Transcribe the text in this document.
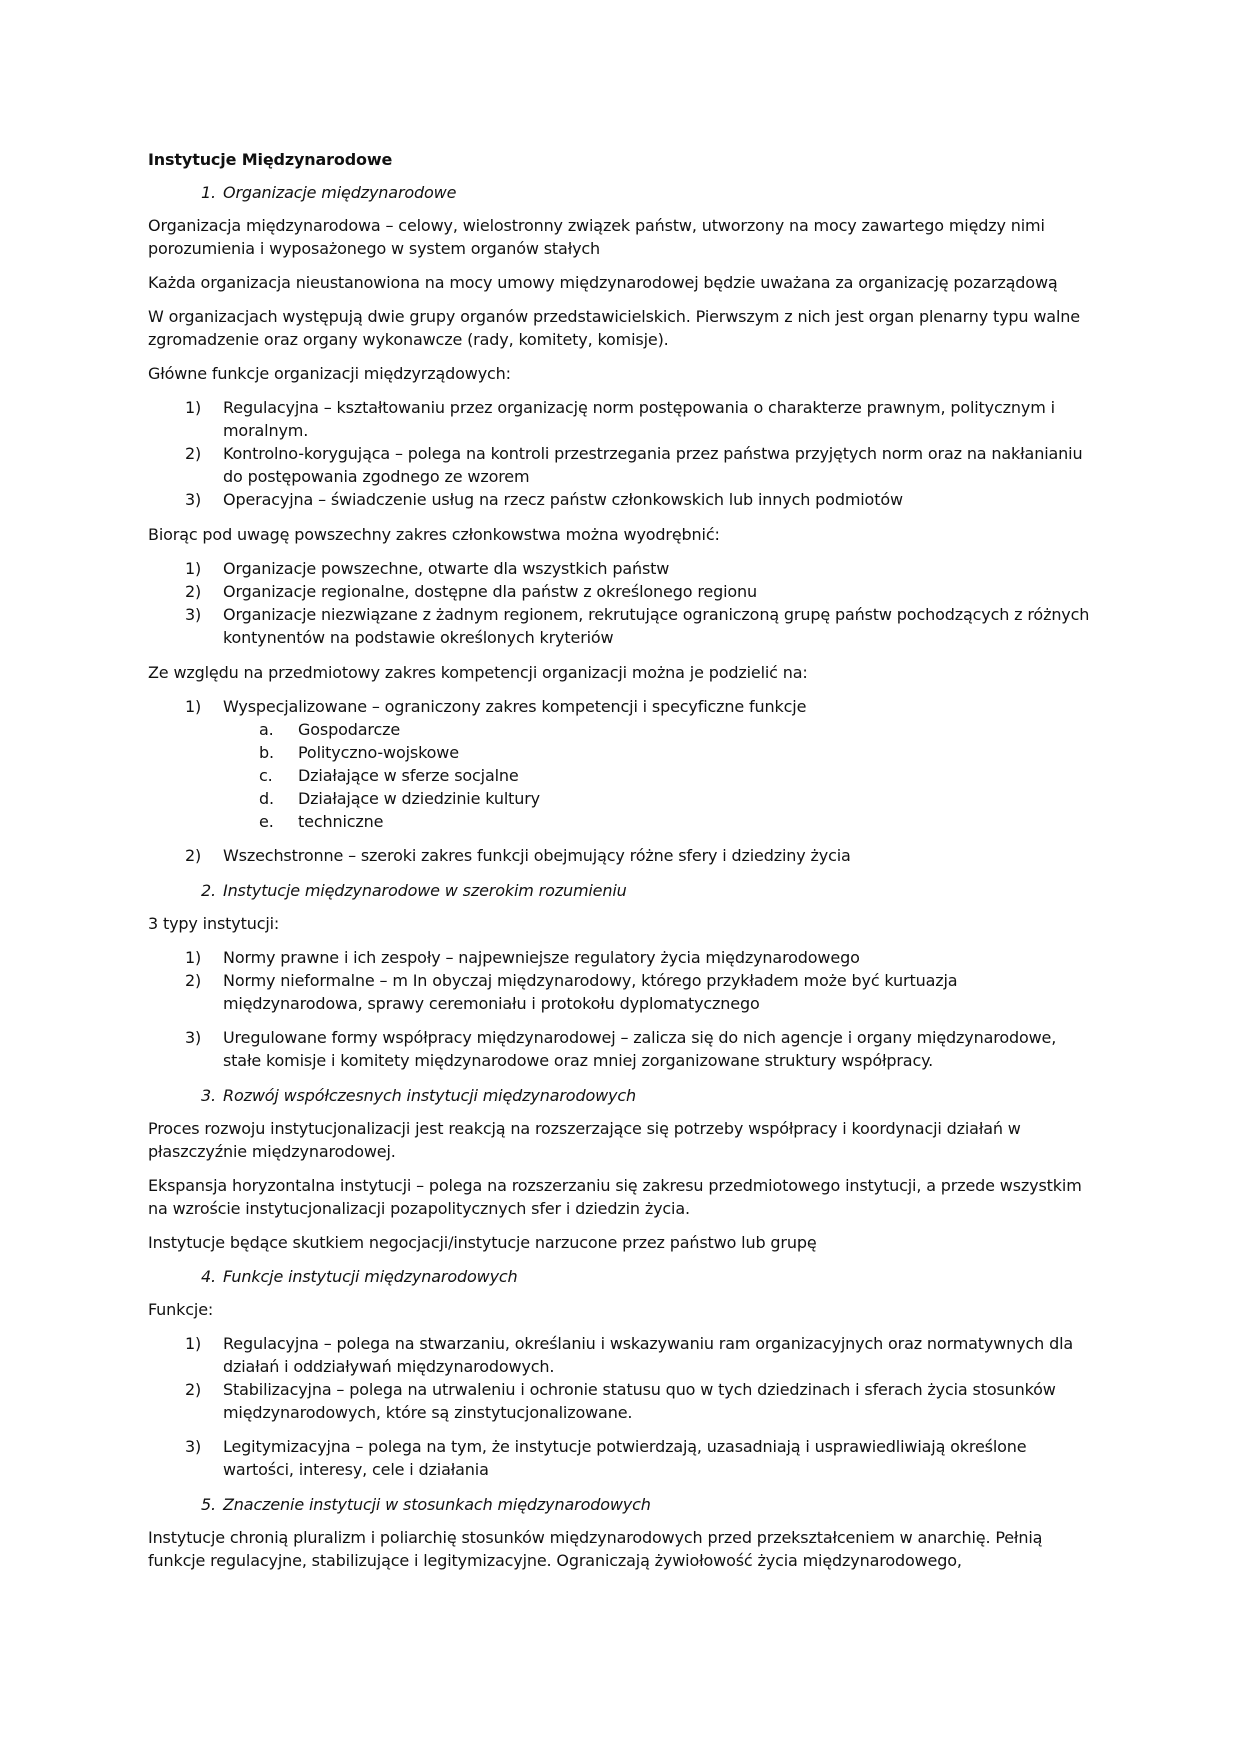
Instytucje Międzynarodowe
1. Organizacje międzynarodowe

Organizacja międzynarodowa – celowy, wielostronny związek państw, utworzony na mocy zawartego między nimi porozumienia i wyposażonego w system organów stałych

Każda organizacja nieustanowiona na mocy umowy międzynarodowej będzie uważana za organizację pozarządową

W organizacjach występują dwie grupy organów przedstawicielskich. Pierwszym z nich jest organ plenarny typu walne zgromadzenie oraz organy wykonawcze (rady, komitety, komisje).

Główne funkcje organizacji międzyrządowych:

1)	Regulacyjna – kształtowaniu przez organizację norm postępowania o charakterze prawnym, politycznym i moralnym.
2)	Kontrolno-korygująca – polega na kontroli przestrzegania przez państwa przyjętych norm oraz na nakłanianiu do postępowania zgodnego ze wzorem
3)	Operacyjna – świadczenie usług na rzecz państw członkowskich lub innych podmiotów

Biorąc pod uwagę powszechny zakres członkowstwa można wyodrębnić:

1)	Organizacje powszechne, otwarte dla wszystkich państw
2)	Organizacje regionalne, dostępne dla państw z określonego regionu
3)	Organizacje niezwiązane z żadnym regionem, rekrutujące ograniczoną grupę państw pochodzących z różnych kontynentów na podstawie określonych kryteriów

Ze względu na przedmiotowy zakres kompetencji organizacji można je podzielić na:

1)	Wyspecjalizowane – ograniczony zakres kompetencji i specyficzne funkcje
a.	Gospodarcze
b.	Polityczno-wojskowe
c.	Działające w sferze socjalne
d.	Działające w dziedzinie kultury
e.	techniczne
2)	Wszechstronne – szeroki zakres funkcji obejmujący różne sfery i dziedziny życia
2. Instytucje międzynarodowe w szerokim rozumieniu

3 typy instytucji:

1)	Normy prawne i ich zespoły – najpewniejsze regulatory życia międzynarodowego
2)	Normy nieformalne – m In obyczaj międzynarodowy, którego przykładem może być kurtuazja międzynarodowa, sprawy ceremoniału i protokołu dyplomatycznego
3)	Uregulowane formy współpracy międzynarodowej – zalicza się do nich agencje i organy międzynarodowe, stałe komisje i komitety międzynarodowe oraz mniej zorganizowane struktury współpracy.
3. Rozwój współczesnych instytucji międzynarodowych

Proces rozwoju instytucjonalizacji jest reakcją na rozszerzające się potrzeby współpracy i koordynacji działań w płaszczyźnie międzynarodowej.

Ekspansja horyzontalna instytucji – polega na rozszerzaniu się zakresu przedmiotowego instytucji, a przede wszystkim na wzroście instytucjonalizacji pozapolitycznych sfer i dziedzin życia.

Instytucje będące skutkiem negocjacji/instytucje narzucone przez państwo lub grupę

4. Funkcje instytucji międzynarodowych

Funkcje:

1)	Regulacyjna – polega na stwarzaniu, określaniu i wskazywaniu ram organizacyjnych oraz normatywnych dla działań i oddziaływań międzynarodowych.
2)	Stabilizacyjna – polega na utrwaleniu i ochronie statusu quo w tych dziedzinach i sferach życia stosunków międzynarodowych, które są zinstytucjonalizowane.
3)	Legitymizacyjna – polega na tym, że instytucje potwierdzają, uzasadniają i usprawiedliwiają określone wartości, interesy, cele i działania
5. Znaczenie instytucji w stosunkach międzynarodowych

Instytucje chronią pluralizm i poliarchię stosunków międzynarodowych przed przekształceniem w anarchię. Pełnią funkcje regulacyjne, stabilizujące i legitymizacyjne. Ograniczają żywiołowość życia międzynarodowego,
